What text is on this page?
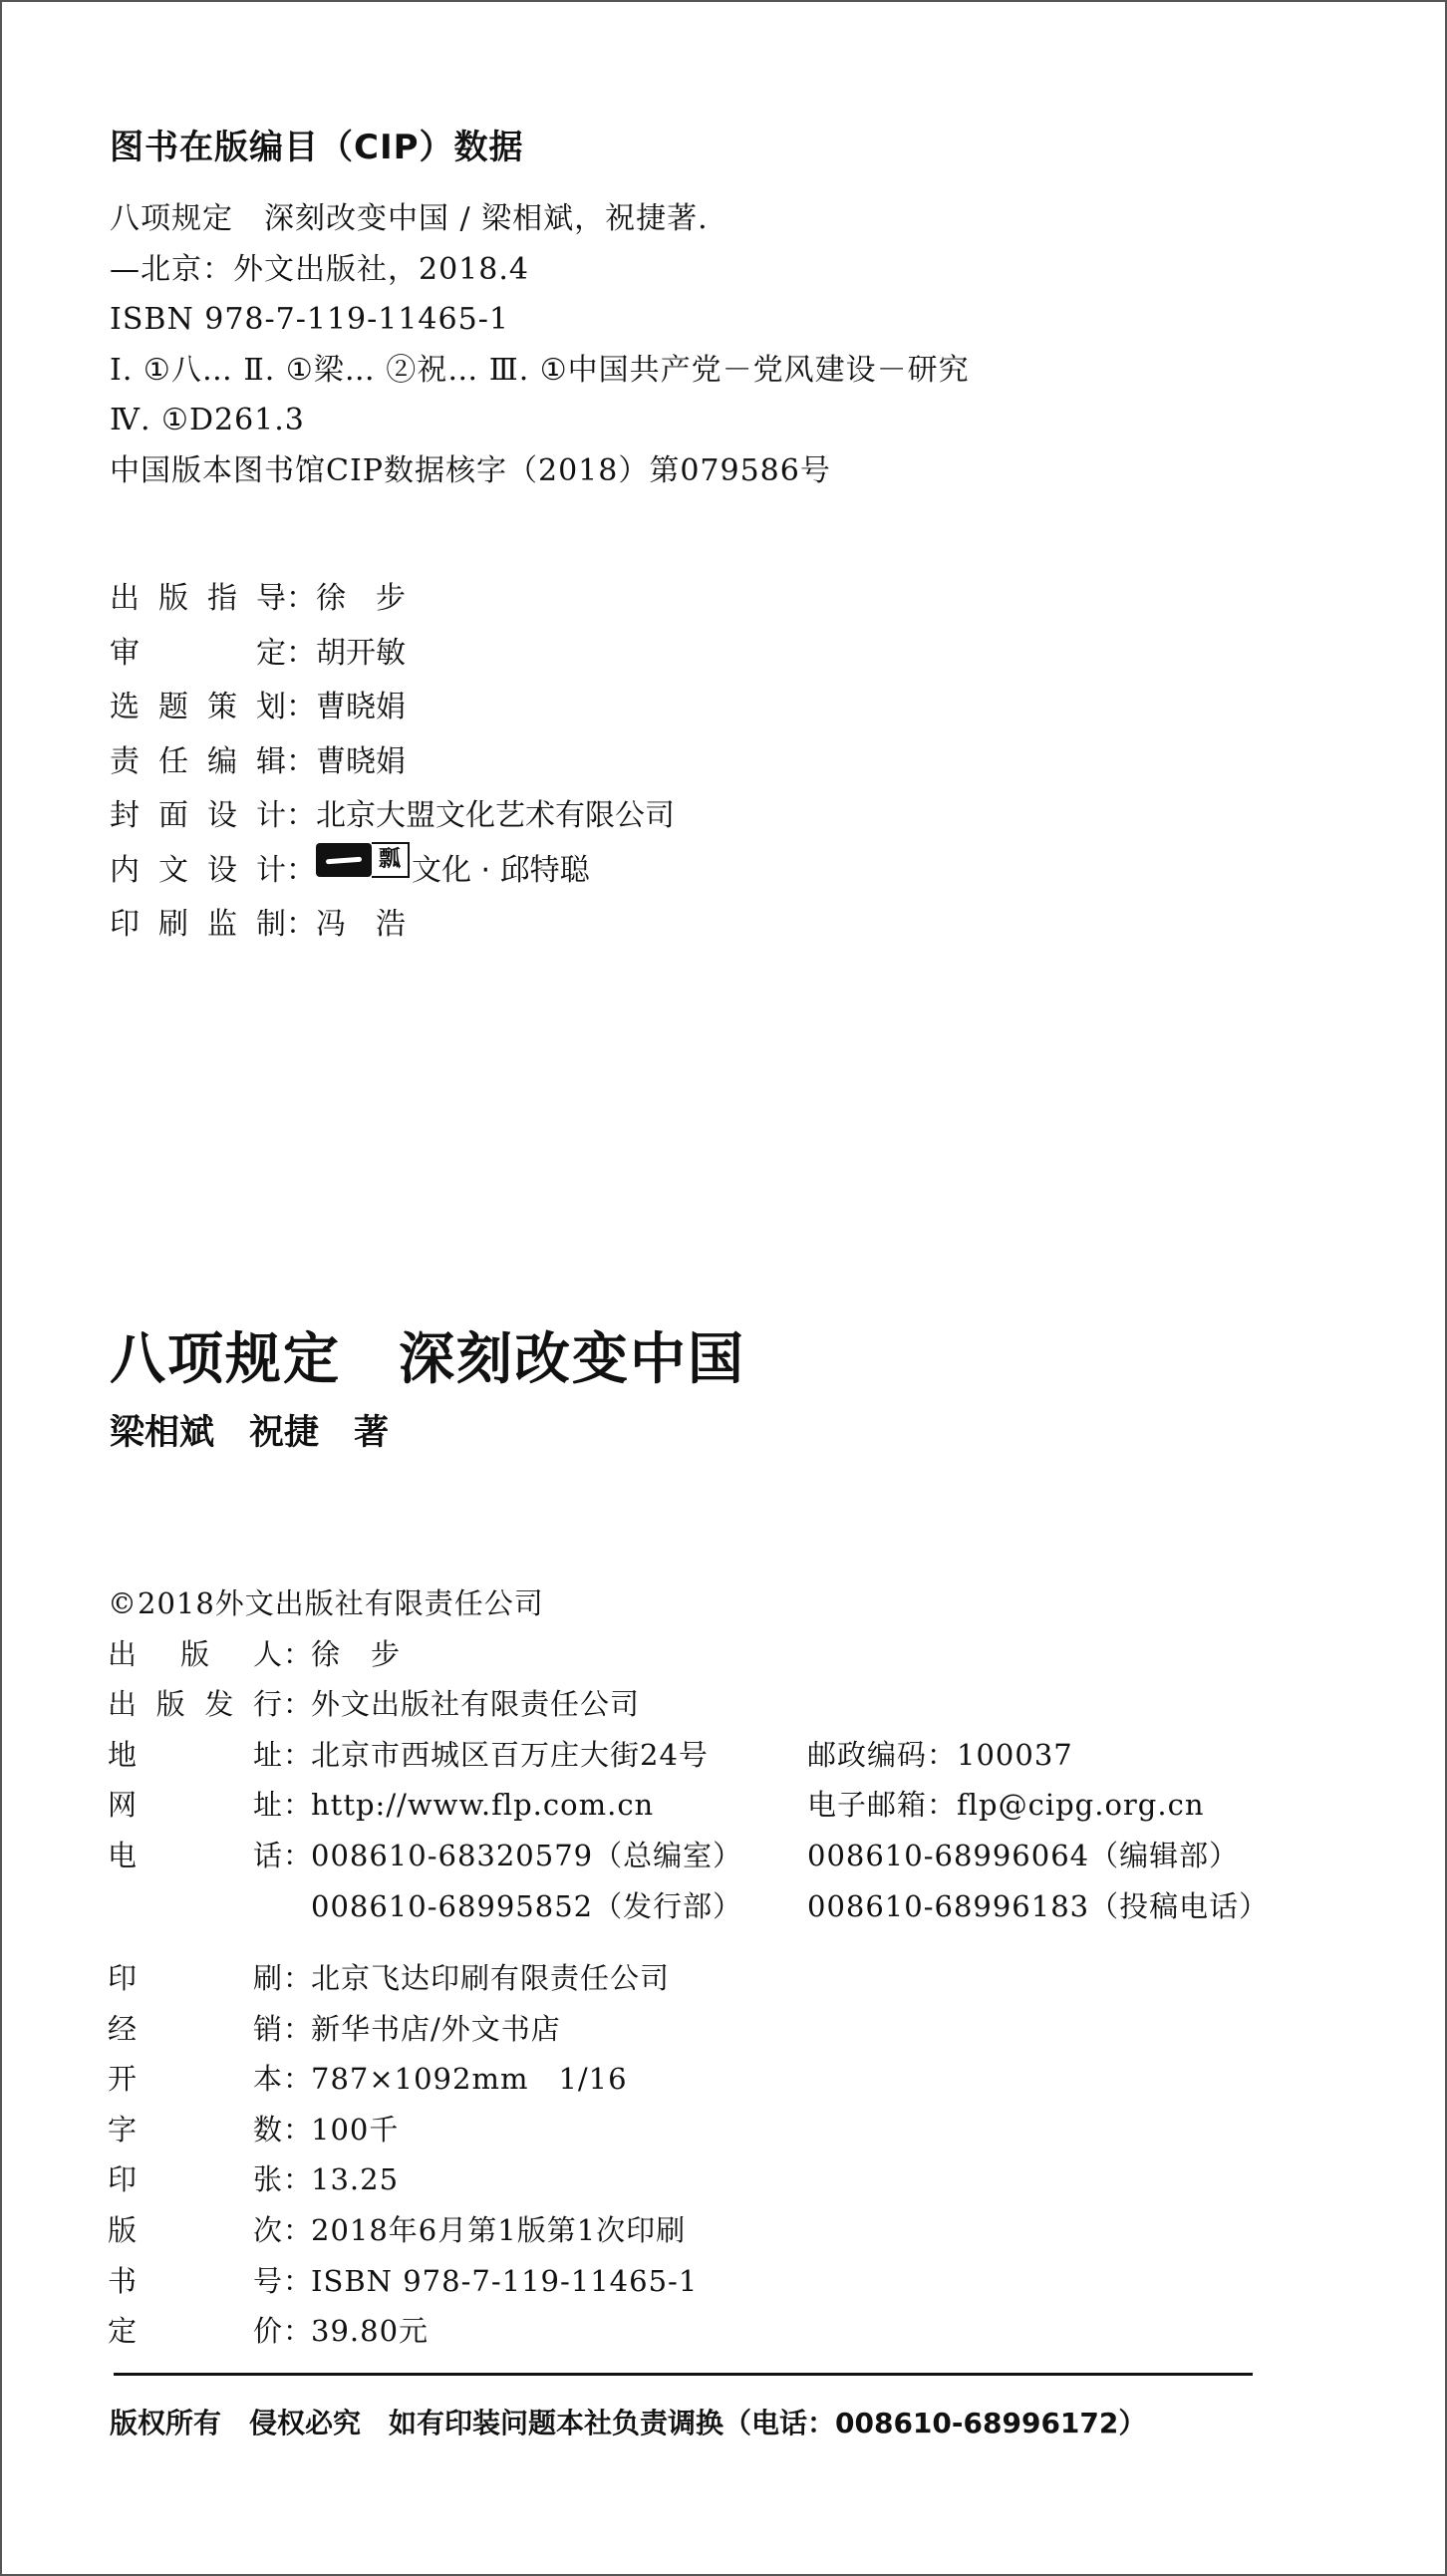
图书在版编目（CIP）数据
八项规定　深刻改变中国 / 梁相斌，祝捷著.
—北京：外文出版社，2018.4
ISBN 978-7-119-11465-1
Ⅰ. ①八… Ⅱ. ①梁… ②祝… Ⅲ. ①中国共产党－党风建设－研究
Ⅳ. ①D261.3
中国版本图书馆CIP数据核字（2018）第079586号
出版指导 ： 徐　步
审定 ： 胡开敏
选题策划 ： 曹晓娟
责任编辑 ： 曹晓娟
封面设计 ： 北京大盟文化艺术有限公司
内文设计 ：	瓢 文化 · 邱特聪
印刷监制 ： 冯　浩
八项规定　深刻改变中国
梁相斌　祝捷　著
©2018外文出版社有限责任公司
出版人 ：
徐　步
出版发行 ：
外文出版社有限责任公司
地址 ：
北京市西城区百万庄大街24号	邮政编码：100037
网址 ：
http://www.flp.com.cn	电子邮箱：flp@cipg.org.cn
电话 ：
008610-68320579（总编室） 008610-68996064（编辑部）
008610-68995852（发行部） 008610-68996183（投稿电话）
印刷 ：
北京飞达印刷有限责任公司
经销 ：
新华书店/外文书店
开本 ：
787×1092mm　1/16
字数 ：
100千
印张 ：
13.25
版次 ：
2018年6月第1版第1次印刷
书号 ：
ISBN 978-7-119-11465-1
定价 ：
39.80元
版权所有　侵权必究　如有印装问题本社负责调换（电话：008610-68996172）
